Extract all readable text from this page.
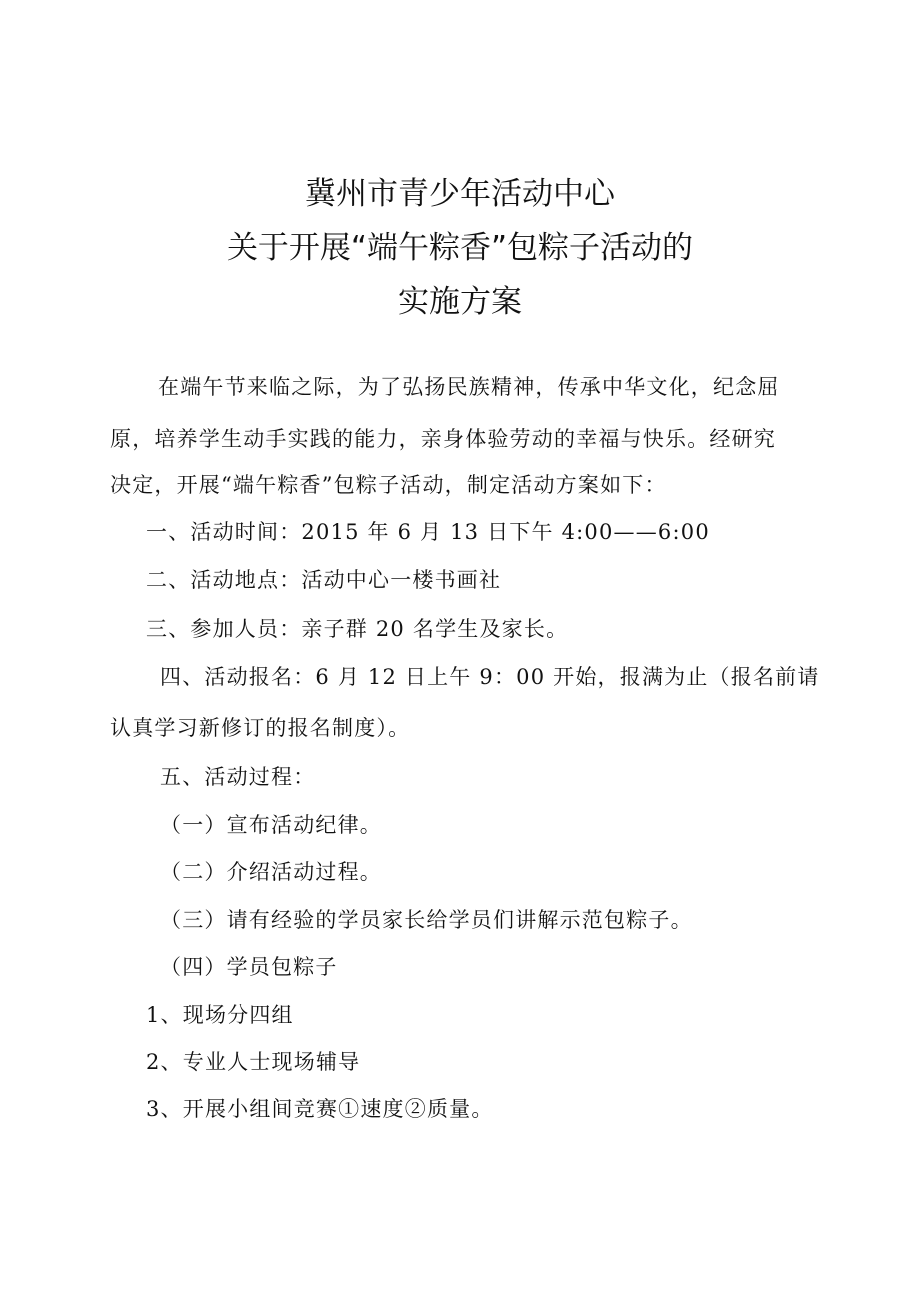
冀州市青少年活动中心
关于开展“端午粽香”包粽子活动的
实施方案
在端午节来临之际，为了弘扬民族精神，传承中华文化，纪念屈
原，培养学生动手实践的能力，亲身体验劳动的幸福与快乐。经研究
决定，开展“端午粽香”包粽子活动，制定活动方案如下：
一、活动时间：2015 年 6 月 13 日下午 4:00——6:00
二、活动地点：活动中心一楼书画社
三、参加人员：亲子群 20 名学生及家长。
四、活动报名：6 月 12 日上午 9：00 开始，报满为止（报名前请
认真学习新修订的报名制度）。
五、活动过程：
（一）宣布活动纪律。
（二）介绍活动过程。
（三）请有经验的学员家长给学员们讲解示范包粽子。
（四）学员包粽子
1、现场分四组
2、专业人士现场辅导
3、开展小组间竞赛①速度②质量。
